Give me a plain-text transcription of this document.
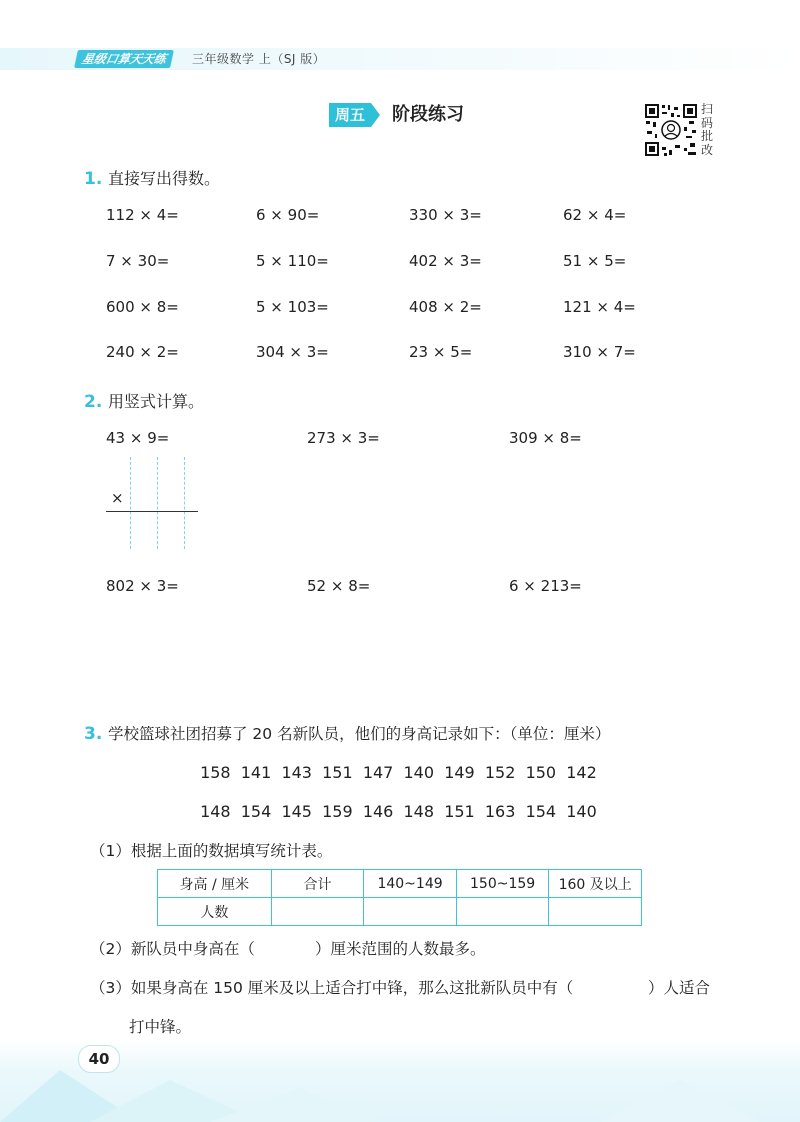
星级口算天天练	三年级数学 上（SJ 版）
周五	阶段练习	扫码批改
1. 直接写出得数。
112 × 4=	6 × 90=	330 × 3=	62 × 4=
7 × 30=	5 × 110=	402 × 3=	51 × 5=
600 × 8=	5 × 103=	408 × 2=	121 × 4=
240 × 2=	304 × 3=	23 × 5=	310 × 7=
2. 用竖式计算。
43 × 9=	273 × 3=	309 × 8=
×
802 × 3=	52 × 8=	6 × 213=
3. 学校篮球社团招募了 20 名新队员，他们的身高记录如下：（单位：厘米）
158 141 143 151 147 140 149 152 150 142
148 154 145 159 146 148 151 163 154 140
（1）根据上面的数据填写统计表。
身高 / 厘米	合计	140~149	150~159	160 及以上
人数				
（2）新队员中身高在（	）厘米范围的人数最多。
（3）如果身高在 150 厘米及以上适合打中锋，那么这批新队员中有（	）人适合
打中锋。
40
